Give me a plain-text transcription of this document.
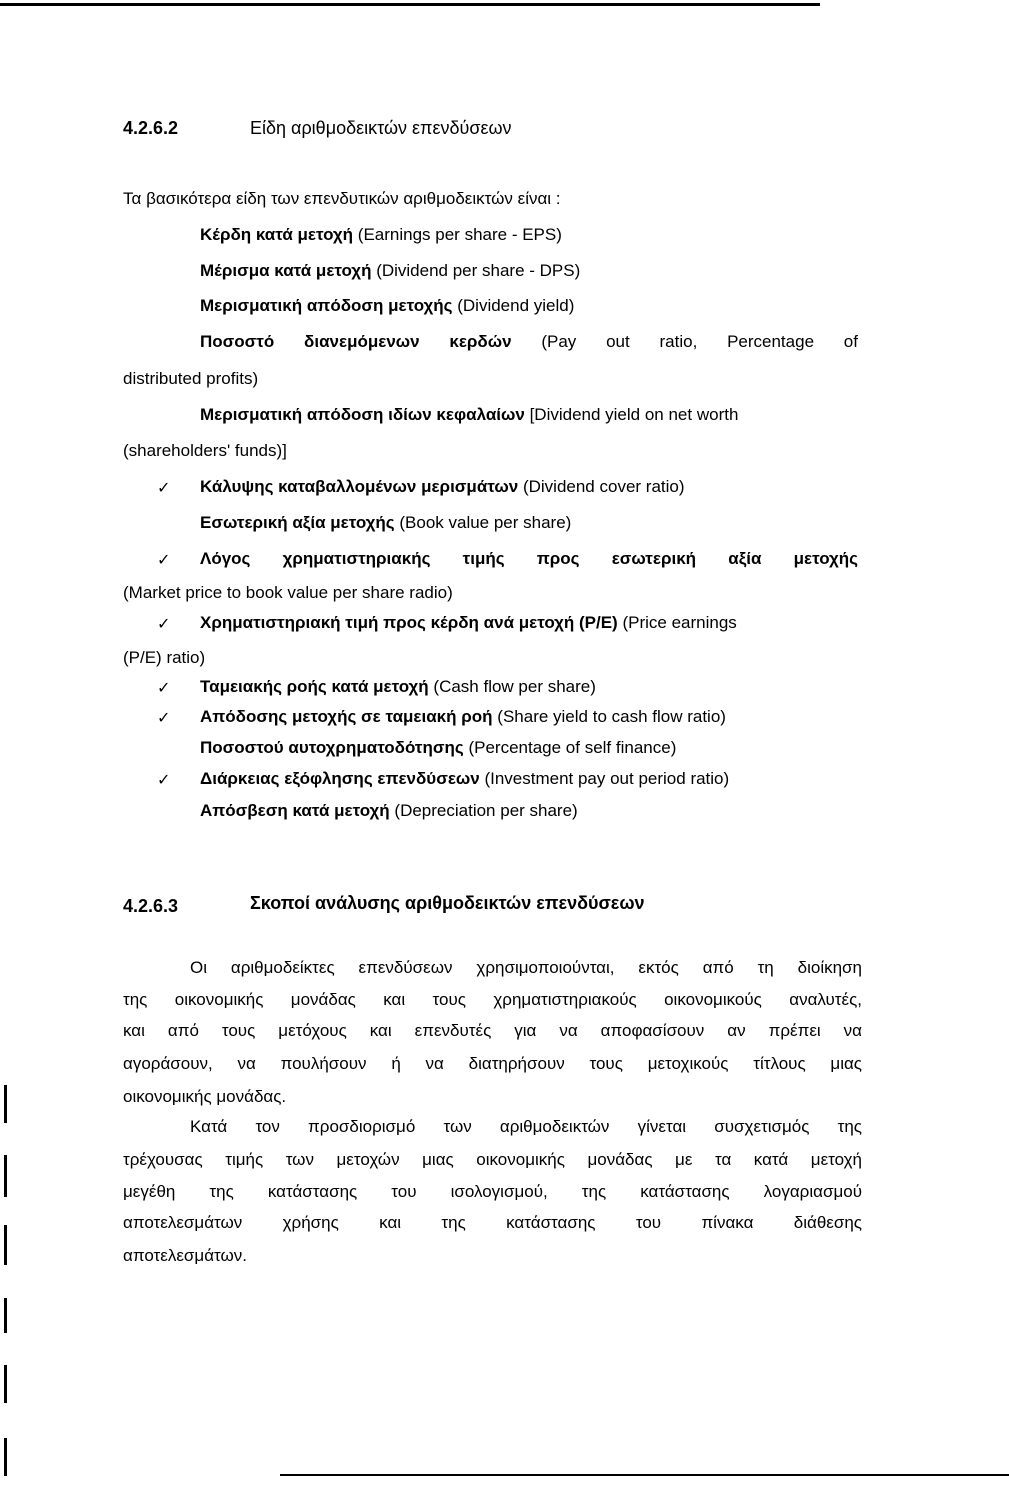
4.2.6.2	Είδη αριθμοδεικτών επενδύσεων
Τα βασικότερα είδη των επενδυτικών αριθμοδεικτών είναι :
Κέρδη κατά μετοχή (Earnings per share - EPS)
Μέρισμα κατά μετοχή (Dividend per share - DPS)
Μερισματική απόδοση μετοχής (Dividend yield)
Ποσοστό διανεμόμενων κερδών (Pay out ratio, Percentage of
distributed profits)
Μερισματική απόδοση ιδίων κεφαλαίων [Dividend yield on net worth
(shareholders' funds)]
✓ Κάλυψης καταβαλλομένων μερισμάτων (Dividend cover ratio)
Εσωτερική αξία μετοχής (Book value per share)
✓ Λόγος χρηματιστηριακής τιμής προς εσωτερική αξία μετοχής
(Market price to book value per share radio)
✓ Χρηματιστηριακή τιμή προς κέρδη ανά μετοχή (P/E) (Price earnings
(P/E) ratio)
✓ Ταμειακής ροής κατά μετοχή (Cash flow per share)
✓ Απόδοσης μετοχής σε ταμειακή ροή (Share yield to cash flow ratio)
Ποσοστού αυτοχρηματοδότησης (Percentage of self finance)
✓ Διάρκειας εξόφλησης επενδύσεων (Investment pay out period ratio)
Απόσβεση κατά μετοχή (Depreciation per share)
4.2.6.3	Σκοποί ανάλυσης αριθμοδεικτών επενδύσεων
Οι αριθμοδείκτες επενδύσεων χρησιμοποιούνται, εκτός από τη διοίκηση
της οικονομικής μονάδας και τους χρηματιστηριακούς οικονομικούς αναλυτές,
και από τους μετόχους και επενδυτές για να αποφασίσουν αν πρέπει να
αγοράσουν, να πουλήσουν ή να διατηρήσουν τους μετοχικούς τίτλους μιας
οικονομικής μονάδας.
Κατά τον προσδιορισμό των αριθμοδεικτών γίνεται συσχετισμός της
τρέχουσας τιμής των μετοχών μιας οικονομικής μονάδας με τα κατά μετοχή
μεγέθη της κατάστασης του ισολογισμού, της κατάστασης λογαριασμού
αποτελεσμάτων χρήσης και της κατάστασης του πίνακα διάθεσης
αποτελεσμάτων.
